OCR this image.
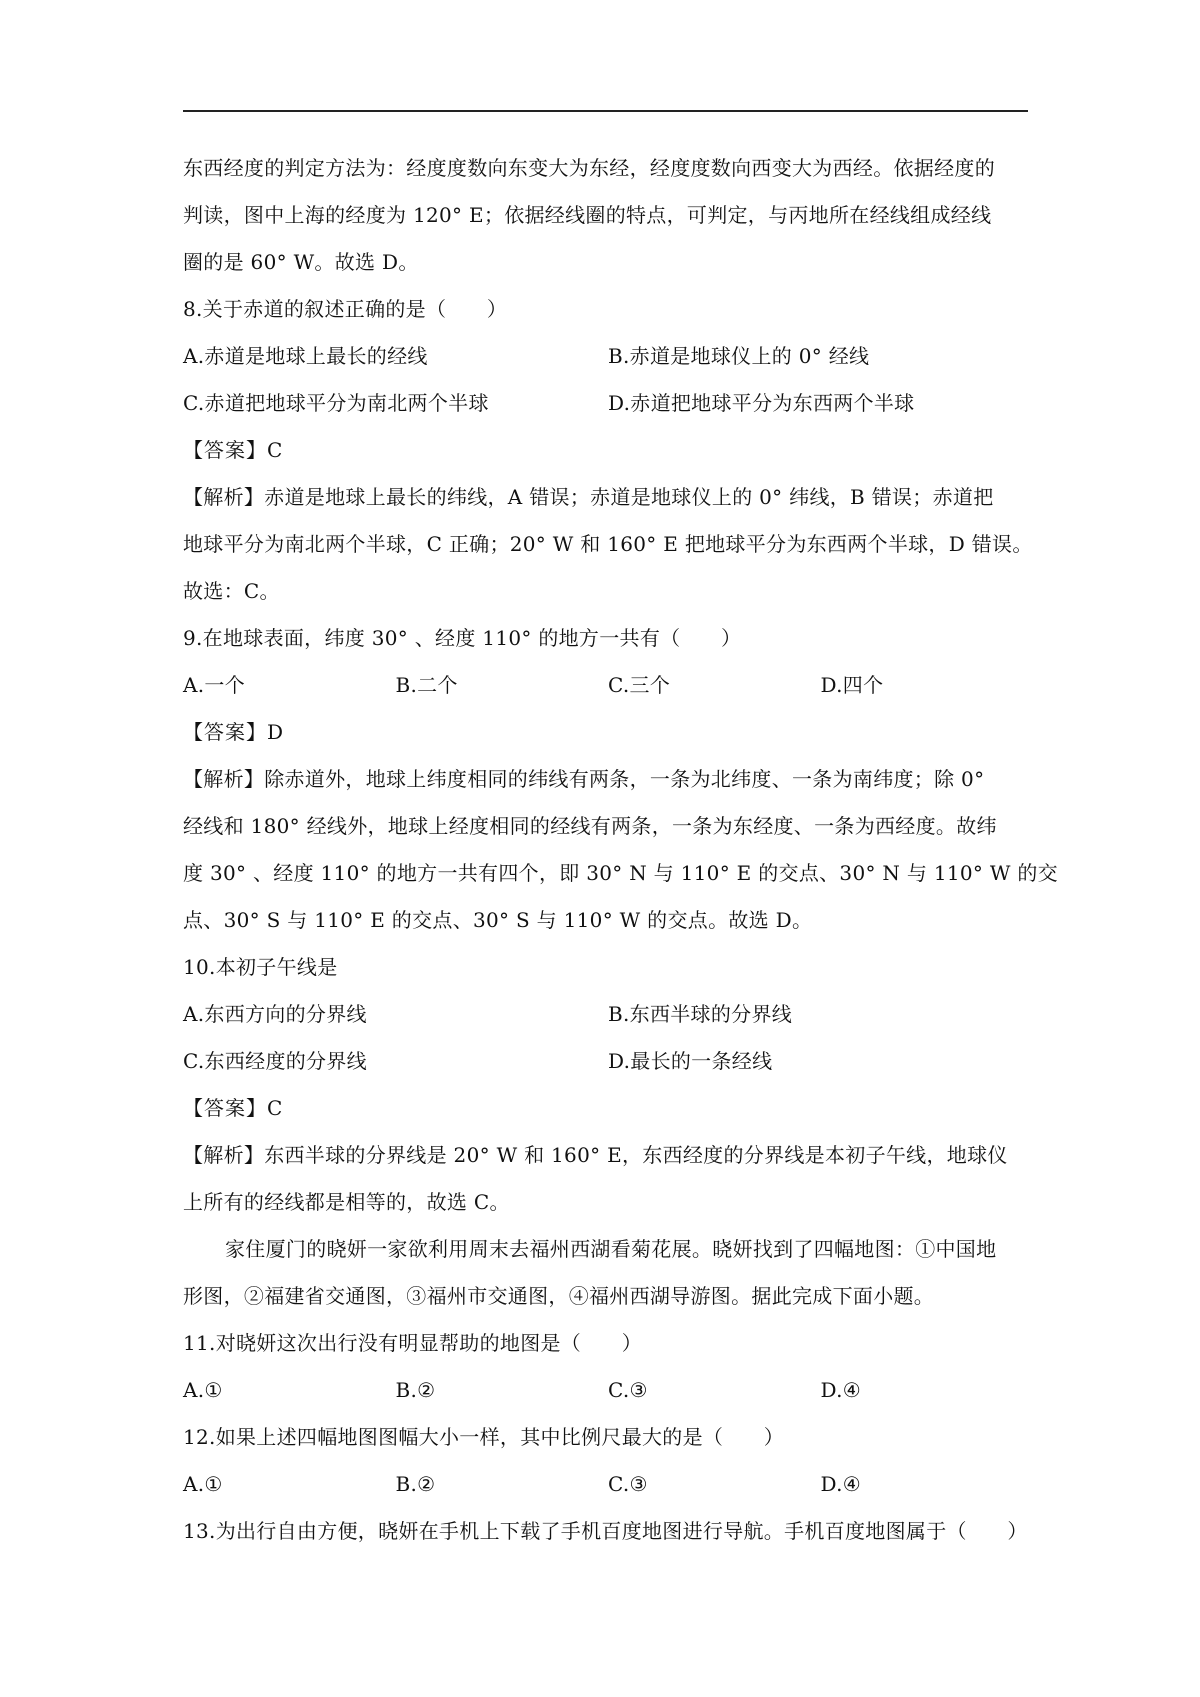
东西经度的判定方法为：经度度数向东变大为东经，经度度数向西变大为西经。依据经度的
判读，图中上海的经度为 120° E；依据经线圈的特点，可判定，与丙地所在经线组成经线
圈的是 60° W。故选 D。
8.关于赤道的叙述正确的是（　　）
A.赤道是地球上最长的经线	B.赤道是地球仪上的 0° 经线
C.赤道把地球平分为南北两个半球	D.赤道把地球平分为东西两个半球
【答案】C
【解析】赤道是地球上最长的纬线，A 错误；赤道是地球仪上的 0° 纬线，B 错误；赤道把
地球平分为南北两个半球，C 正确；20° W 和 160° E 把地球平分为东西两个半球，D 错误。
故选：C。
9.在地球表面，纬度 30° 、经度 110° 的地方一共有（　　）
A.一个	B.二个	C.三个	D.四个
【答案】D
【解析】除赤道外，地球上纬度相同的纬线有两条，一条为北纬度、一条为南纬度；除 0°
经线和 180° 经线外，地球上经度相同的经线有两条，一条为东经度、一条为西经度。故纬
度 30° 、经度 110° 的地方一共有四个，即 30° N 与 110° E 的交点、30° N 与 110° W 的交
点、30° S 与 110° E 的交点、30° S 与 110° W 的交点。故选 D。
10.本初子午线是
A.东西方向的分界线	B.东西半球的分界线
C.东西经度的分界线	D.最长的一条经线
【答案】C
【解析】东西半球的分界线是 20° W 和 160° E，东西经度的分界线是本初子午线，地球仪
上所有的经线都是相等的，故选 C。
家住厦门的晓妍一家欲利用周末去福州西湖看菊花展。晓妍找到了四幅地图：①中国地
形图，②福建省交通图，③福州市交通图，④福州西湖导游图。据此完成下面小题。
11.对晓妍这次出行没有明显帮助的地图是（　　）
A.①	B.②	C.③	D.④
12.如果上述四幅地图图幅大小一样，其中比例尺最大的是（　　）
A.①	B.②	C.③	D.④
13.为出行自由方便，晓妍在手机上下载了手机百度地图进行导航。手机百度地图属于（　　）
